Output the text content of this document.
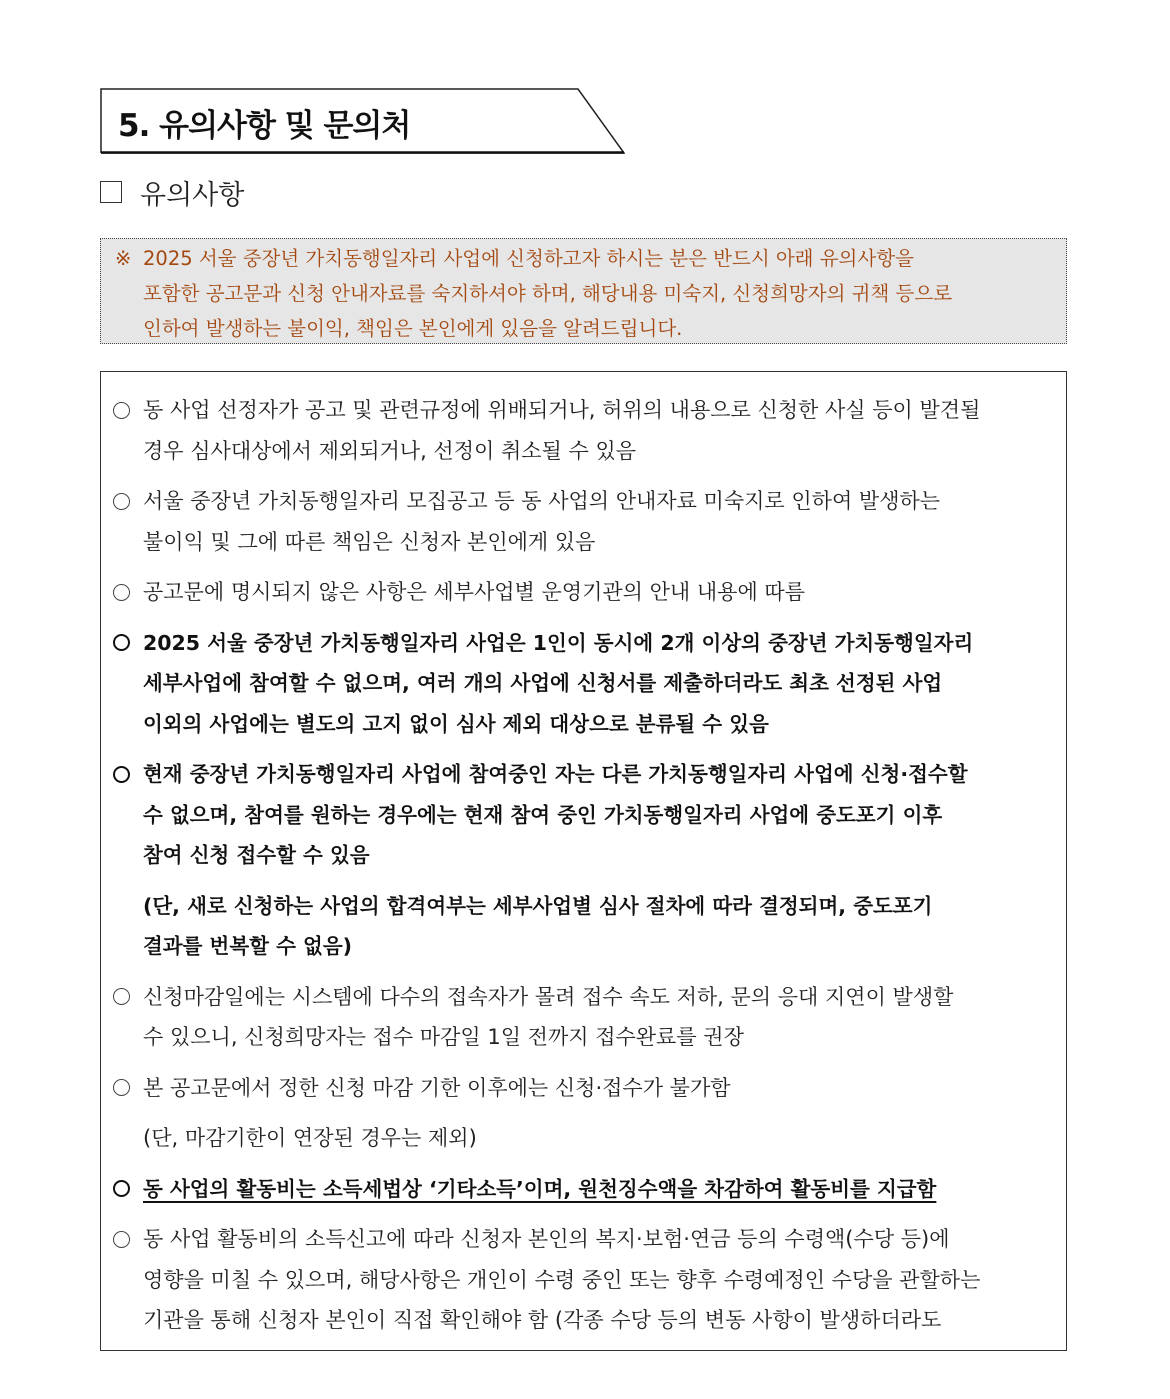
5. 유의사항 및 문의처
유의사항
※ 2025 서울 중장년 가치동행일자리 사업에 신청하고자 하시는 분은 반드시 아래 유의사항을
포함한 공고문과 신청 안내자료를 숙지하셔야 하며, 해당내용 미숙지, 신청희망자의 귀책 등으로
인하여 발생하는 불이익, 책임은 본인에게 있음을 알려드립니다.
동 사업 선정자가 공고 및 관련규정에 위배되거나, 허위의 내용으로 신청한 사실 등이 발견될
경우 심사대상에서 제외되거나, 선정이 취소될 수 있음
서울 중장년 가치동행일자리 모집공고 등 동 사업의 안내자료 미숙지로 인하여 발생하는
불이익 및 그에 따른 책임은 신청자 본인에게 있음
공고문에 명시되지 않은 사항은 세부사업별 운영기관의 안내 내용에 따름
2025 서울 중장년 가치동행일자리 사업은 1인이 동시에 2개 이상의 중장년 가치동행일자리
세부사업에 참여할 수 없으며, 여러 개의 사업에 신청서를 제출하더라도 최초 선정된 사업
이외의 사업에는 별도의 고지 없이 심사 제외 대상으로 분류될 수 있음
현재 중장년 가치동행일자리 사업에 참여중인 자는 다른 가치동행일자리 사업에 신청·접수할
수 없으며, 참여를 원하는 경우에는 현재 참여 중인 가치동행일자리 사업에 중도포기 이후
참여 신청 접수할 수 있음
(단, 새로 신청하는 사업의 합격여부는 세부사업별 심사 절차에 따라 결정되며, 중도포기
결과를 번복할 수 없음)
신청마감일에는 시스템에 다수의 접속자가 몰려 접수 속도 저하, 문의 응대 지연이 발생할
수 있으니, 신청희망자는 접수 마감일 1일 전까지 접수완료를 권장
본 공고문에서 정한 신청 마감 기한 이후에는 신청·접수가 불가함
(단, 마감기한이 연장된 경우는 제외)
동 사업의 활동비는 소득세법상 ‘기타소득’이며, 원천징수액을 차감하여 활동비를 지급함
동 사업 활동비의 소득신고에 따라 신청자 본인의 복지·보험·연금 등의 수령액(수당 등)에
영향을 미칠 수 있으며, 해당사항은 개인이 수령 중인 또는 향후 수령예정인 수당을 관할하는
기관을 통해 신청자 본인이 직접 확인해야 함 (각종 수당 등의 변동 사항이 발생하더라도
